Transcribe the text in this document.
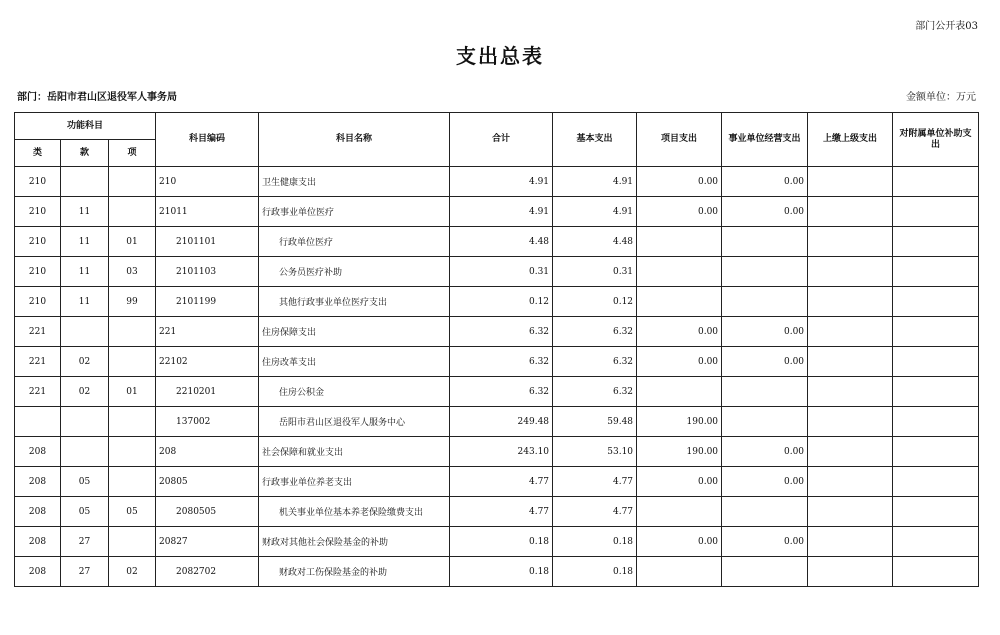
部门公开表03
支出总表
部门：岳阳市君山区退役军人事务局	金额单位：万元
功能科目			科目编码	科目名称	合计	基本支出	项目支出	事业单位经营支出	上缴上级支出	对附属单位补助支出
类	款	项								
210			210	卫生健康支出	4.91	4.91	0.00	0.00		
210	11		21011	行政事业单位医疗	4.91	4.91	0.00	0.00		
210	11	01	2101101	行政单位医疗	4.48	4.48				
210	11	03	2101103	公务员医疗补助	0.31	0.31				
210	11	99	2101199	其他行政事业单位医疗支出	0.12	0.12				
221			221	住房保障支出	6.32	6.32	0.00	0.00		
221	02		22102	住房改革支出	6.32	6.32	0.00	0.00		
221	02	01	2210201	住房公积金	6.32	6.32				
			137002	岳阳市君山区退役军人服务中心	249.48	59.48	190.00			
208			208	社会保障和就业支出	243.10	53.10	190.00	0.00		
208	05		20805	行政事业单位养老支出	4.77	4.77	0.00	0.00		
208	05	05	2080505	机关事业单位基本养老保险缴费支出	4.77	4.77				
208	27		20827	财政对其他社会保险基金的补助	0.18	0.18	0.00	0.00		
208	27	02	2082702	财政对工伤保险基金的补助	0.18	0.18				
